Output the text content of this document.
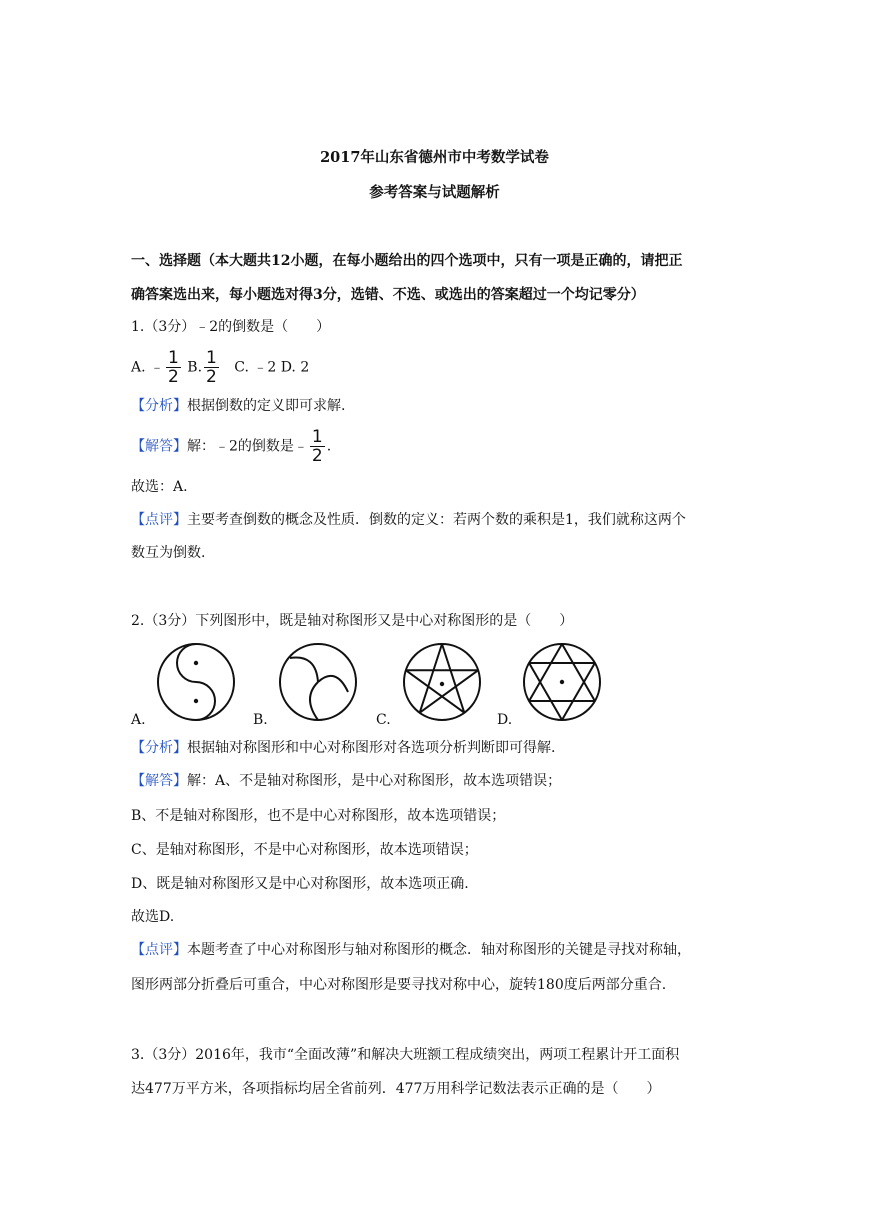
2017年山东省德州市中考数学试卷
参考答案与试题解析
一、选择题（本大题共12小题，在每小题给出的四个选项中，只有一项是正确的，请把正
确答案选出来，每小题选对得3分，选错、不选、或选出的答案超过一个均记零分）
1.（3分）﹣2的倒数是（　　）
A. ﹣ $\frac{1}{2} B$. $\frac{1}{2} C$. ﹣2 D. 2
【分析】根据倒数的定义即可求解.
【解答】解：﹣2的倒数是﹣ $\frac{1}{2}$ .
故选：A.
【点评】主要考查倒数的概念及性质．倒数的定义：若两个数的乘积是1，我们就称这两个
数互为倒数.
2.（3分）下列图形中，既是轴对称图形又是中心对称图形的是（　　）
A.	B.	C.	D.
【分析】根据轴对称图形和中心对称图形对各选项分析判断即可得解.
【解答】解：A、不是轴对称图形，是中心对称图形，故本选项错误；
B、不是轴对称图形，也不是中心对称图形，故本选项错误；
C、是轴对称图形，不是中心对称图形，故本选项错误；
D、既是轴对称图形又是中心对称图形，故本选项正确.
故选D.
【点评】本题考查了中心对称图形与轴对称图形的概念．轴对称图形的关键是寻找对称轴，
图形两部分折叠后可重合，中心对称图形是要寻找对称中心，旋转180度后两部分重合.
3.（3分）2016年，我市“全面改薄”和解决大班额工程成绩突出，两项工程累计开工面积
达477万平方米，各项指标均居全省前列．477万用科学记数法表示正确的是（　　）
